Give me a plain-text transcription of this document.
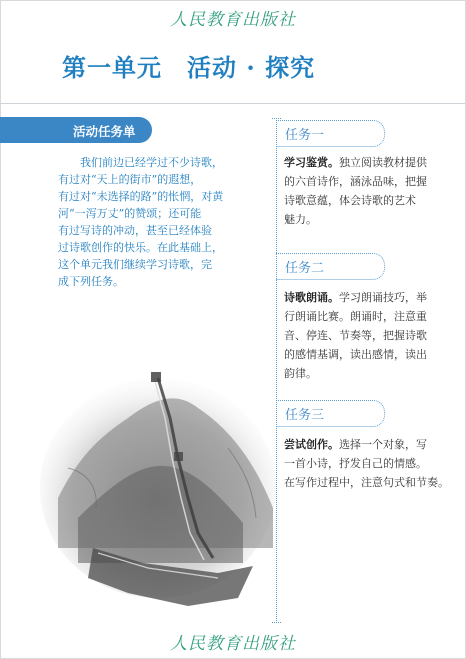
人民教育出版社
第一单元　活动 · 探究
活动任务单
　　我们前边已经学过不少诗歌，
有过对“天上的街市”的遐想，
有过对“未选择的路”的怅惘，对黄
河“一泻万丈”的赞颂；还可能
有过写诗的冲动，甚至已经体验
过诗歌创作的快乐。在此基础上，
这个单元我们继续学习诗歌，完
成下列任务。
任务一
学习鉴赏。独立阅读教材提供
的六首诗作，涵泳品味，把握
诗歌意蕴，体会诗歌的艺术
魅力。
任务二
诗歌朗诵。学习朗诵技巧，举
行朗诵比赛。朗诵时，注意重
音、停连、节奏等，把握诗歌
的感情基调，读出感情，读出
韵律。
任务三
尝试创作。选择一个对象，写
一首小诗，抒发自己的情感。
在写作过程中，注意句式和节奏。
人民教育出版社
